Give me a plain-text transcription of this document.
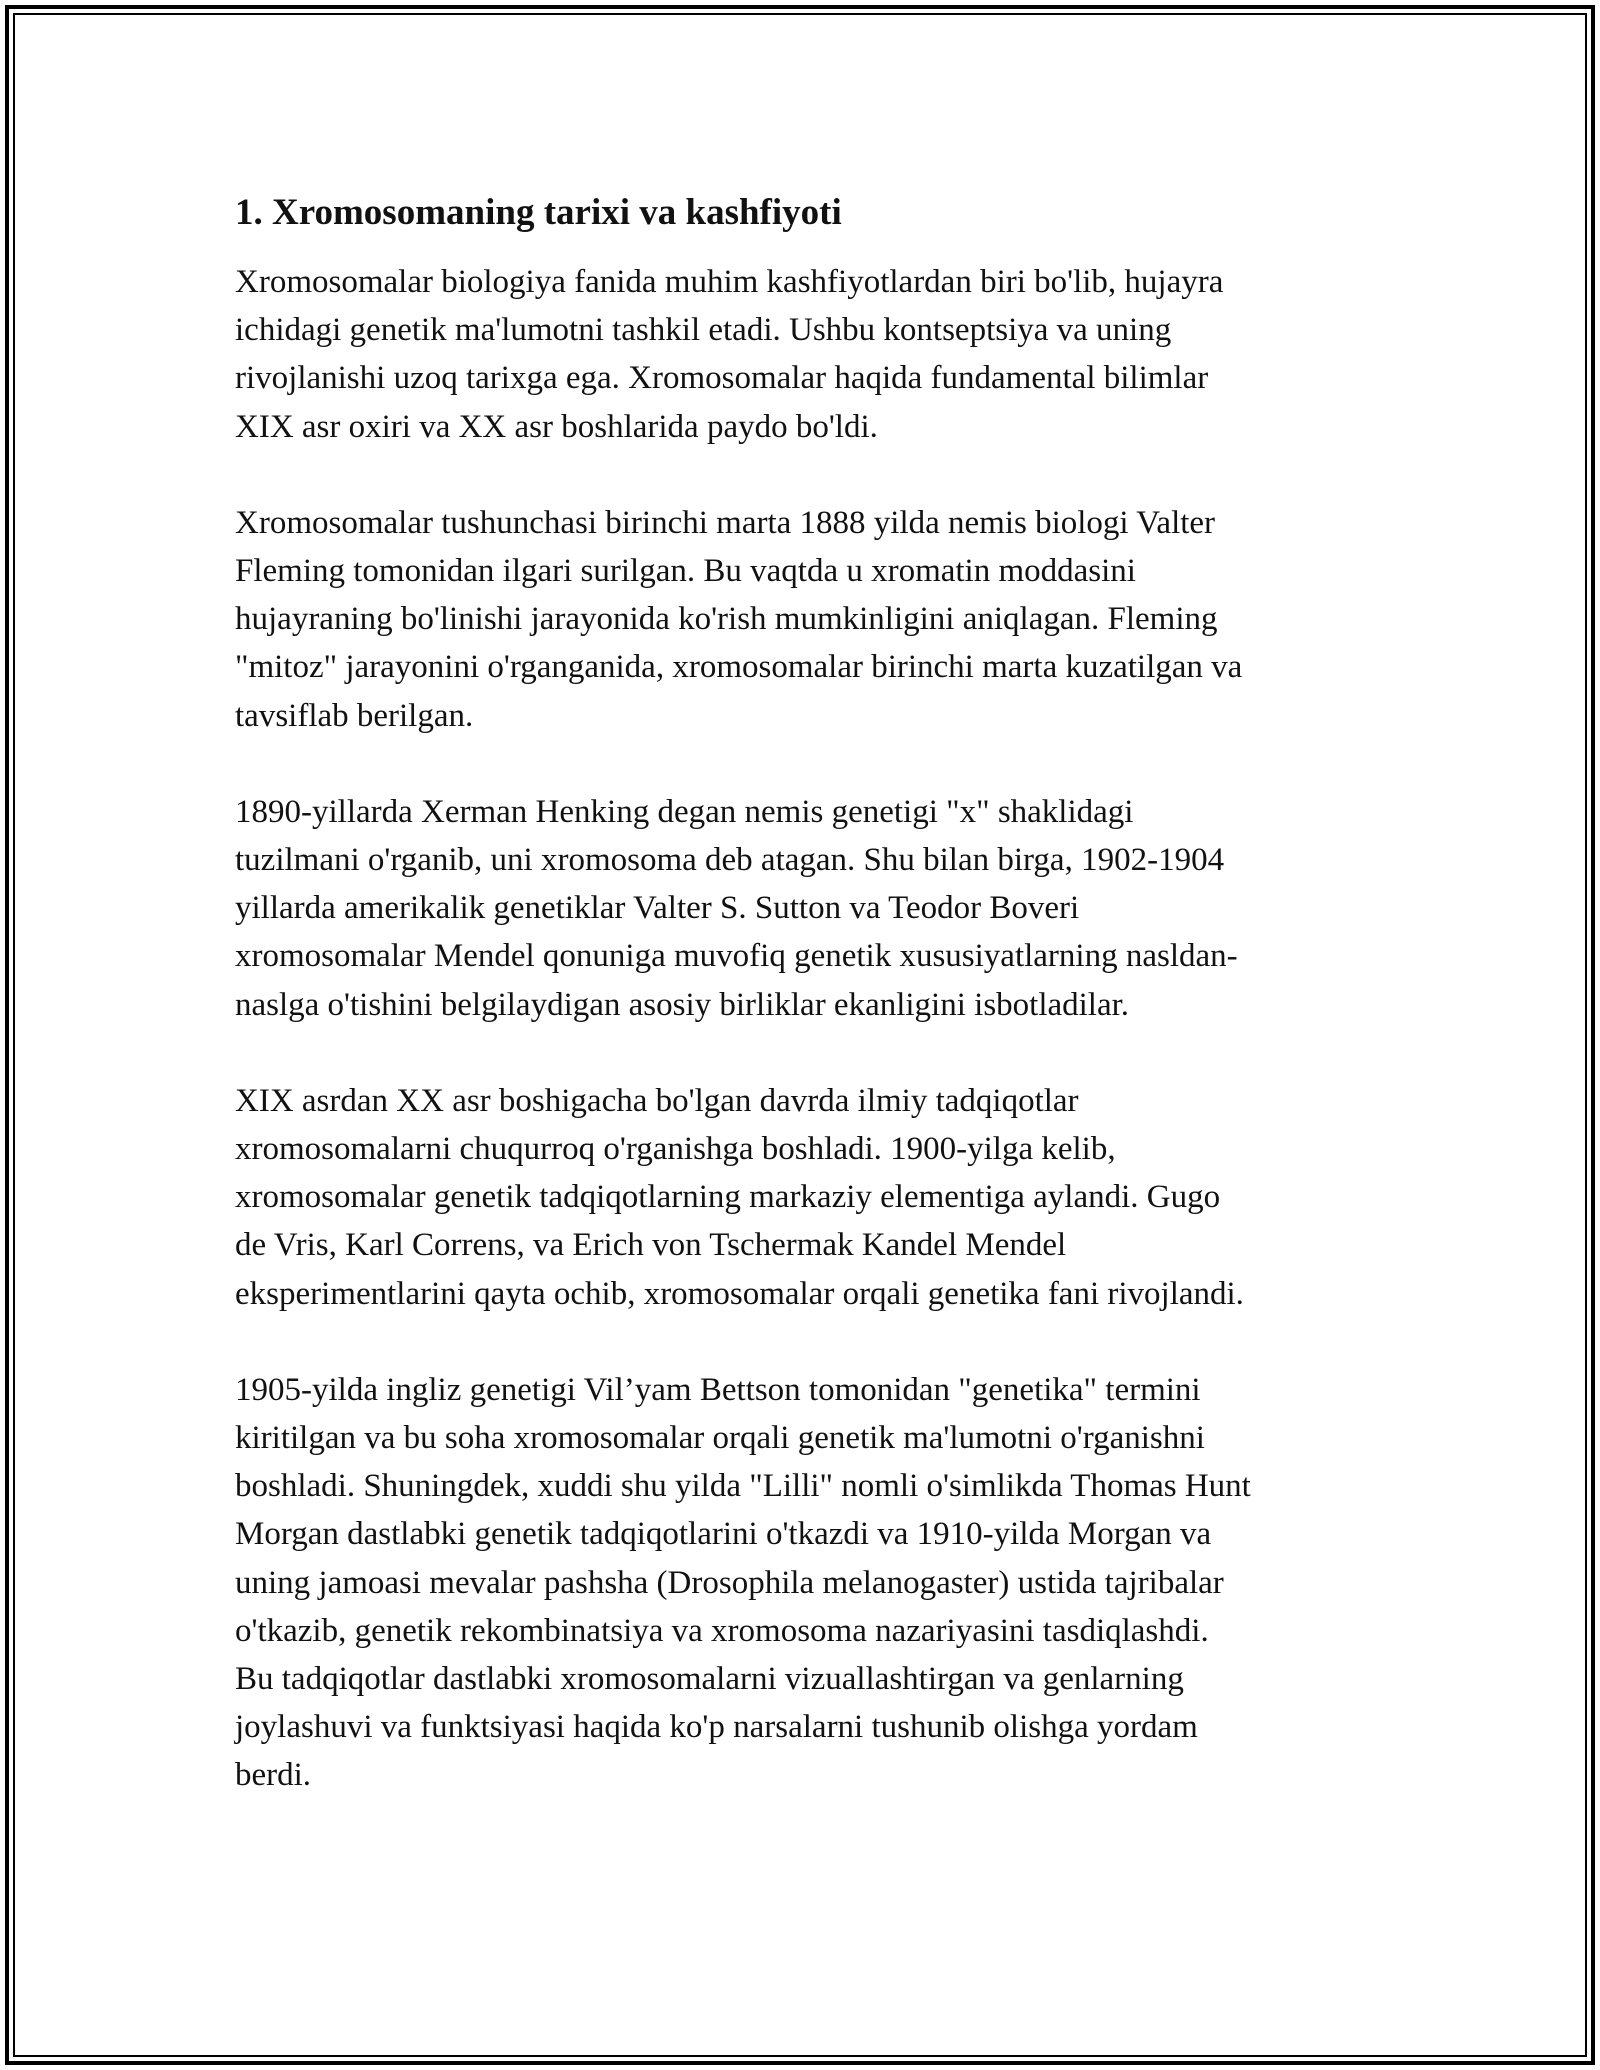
1. Xromosomaning tarixi va kashfiyoti
Xromosomalar biologiya fanida muhim kashfiyotlardan biri bo'lib, hujayra
ichidagi genetik ma'lumotni tashkil etadi. Ushbu kontseptsiya va uning
rivojlanishi uzoq tarixga ega. Xromosomalar haqida fundamental bilimlar
XIX asr oxiri va XX asr boshlarida paydo bo'ldi.
Xromosomalar tushunchasi birinchi marta 1888 yilda nemis biologi Valter
Fleming tomonidan ilgari surilgan. Bu vaqtda u xromatin moddasini
hujayraning bo'linishi jarayonida ko'rish mumkinligini aniqlagan. Fleming
"mitoz" jarayonini o'rganganida, xromosomalar birinchi marta kuzatilgan va
tavsiflab berilgan.
1890-yillarda Xerman Henking degan nemis genetigi "x" shaklidagi
tuzilmani o'rganib, uni xromosoma deb atagan. Shu bilan birga, 1902-1904
yillarda amerikalik genetiklar Valter S. Sutton va Teodor Boveri
xromosomalar Mendel qonuniga muvofiq genetik xususiyatlarning nasldan-
naslga o'tishini belgilaydigan asosiy birliklar ekanligini isbotladilar.
XIX asrdan XX asr boshigacha bo'lgan davrda ilmiy tadqiqotlar
xromosomalarni chuqurroq o'rganishga boshladi. 1900-yilga kelib,
xromosomalar genetik tadqiqotlarning markaziy elementiga aylandi. Gugo
de Vris, Karl Correns, va Erich von Tschermak Kandel Mendel
eksperimentlarini qayta ochib, xromosomalar orqali genetika fani rivojlandi.
1905-yilda ingliz genetigi Vil’yam Bettson tomonidan "genetika" termini
kiritilgan va bu soha xromosomalar orqali genetik ma'lumotni o'rganishni
boshladi. Shuningdek, xuddi shu yilda "Lilli" nomli o'simlikda Thomas Hunt
Morgan dastlabki genetik tadqiqotlarini o'tkazdi va 1910-yilda Morgan va
uning jamoasi mevalar pashsha (Drosophila melanogaster) ustida tajribalar
o'tkazib, genetik rekombinatsiya va xromosoma nazariyasini tasdiqlashdi.
Bu tadqiqotlar dastlabki xromosomalarni vizuallashtirgan va genlarning
joylashuvi va funktsiyasi haqida ko'p narsalarni tushunib olishga yordam
berdi.
